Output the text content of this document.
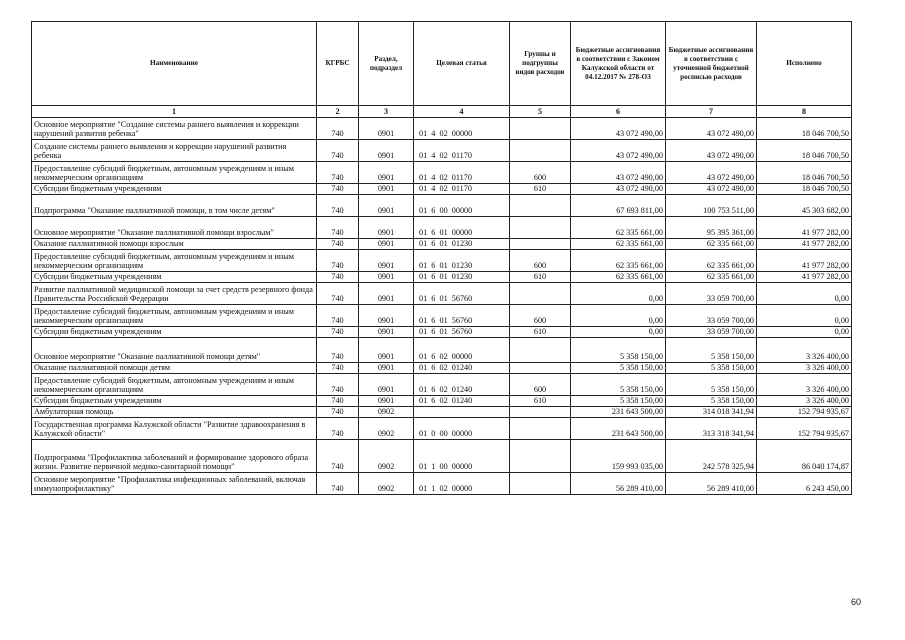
Наименование	КГРБС	Раздел, подраздел	Целевая статья	Группы и подгруппы видов расходов	Бюджетные ассигнования в соответствии с Законом Калужской области от 04.12.2017 № 278-ОЗ	Бюджетные ассигнования в соответствии с уточненной бюджетной росписью расходов	Исполнено
1	2	3	4	5	6	7	8
Основное мероприятие "Создание системы раннего выявления и коррекции нарушений развития ребенка"	740	0901	01  4  02  00000		43 072 490,00	43 072 490,00	18 046 700,50
Создание системы раннего выявления и коррекции нарушений развития ребенка	740	0901	01  4  02  01170		43 072 490,00	43 072 490,00	18 046 700,50
Предоставление субсидий бюджетным, автономным учреждениям и иным некоммерческим организациям	740	0901	01  4  02  01170	600	43 072 490,00	43 072 490,00	18 046 700,50
Субсидии бюджетным учреждениям	740	0901	01  4  02  01170	610	43 072 490,00	43 072 490,00	18 046 700,50
Подпрограмма "Оказание паллиативной помощи, в том числе детям"	740	0901	01  6  00  00000		67 693 811,00	100 753 511,00	45 303 682,00
Основное мероприятие "Оказание паллиативной помощи взрослым"	740	0901	01  6  01  00000		62 335 661,00	95 395 361,00	41 977 282,00
Оказание паллиативной помощи взрослым	740	0901	01  6  01  01230		62 335 661,00	62 335 661,00	41 977 282,00
Предоставление субсидий бюджетным, автономным учреждениям и иным некоммерческим организациям	740	0901	01  6  01  01230	600	62 335 661,00	62 335 661,00	41 977 282,00
Субсидии бюджетным учреждениям	740	0901	01  6  01  01230	610	62 335 661,00	62 335 661,00	41 977 282,00
Развитие паллиативной медицинской помощи за счет средств резервного фонда Правительства Российской Федерации	740	0901	01  6  01  56760		0,00	33 059 700,00	0,00
Предоставление субсидий бюджетным, автономным учреждениям и иным некоммерческим организациям	740	0901	01  6  01  56760	600	0,00	33 059 700,00	0,00
Субсидии бюджетным учреждениям	740	0901	01  6  01  56760	610	0,00	33 059 700,00	0,00
Основное мероприятие "Оказание паллиативной помощи детям"	740	0901	01  6  02  00000		5 358 150,00	5 358 150,00	3 326 400,00
Оказание паллиативной помощи детям	740	0901	01  6  02  01240		5 358 150,00	5 358 150,00	3 326 400,00
Предоставление субсидий бюджетным, автономным учреждениям и иным некоммерческим организациям	740	0901	01  6  02  01240	600	5 358 150,00	5 358 150,00	3 326 400,00
Субсидии бюджетным учреждениям	740	0901	01  6  02  01240	610	5 358 150,00	5 358 150,00	3 326 400,00
Амбулаторная помощь	740	0902			231 643 500,00	314 018 341,94	152 794 935,67
Государственная программа Калужской области "Развитие здравоохранения в Калужской области"	740	0902	01  0  00  00000		231 643 500,00	313 318 341,94	152 794 935,67
Подпрограмма "Профилактика заболеваний и формирование здорового образа жизни. Развитие первичной медико-санитарной помощи"	740	0902	01  1  00  00000		159 993 035,00	242 578 325,94	86 040 174,87
Основное мероприятие "Профилактика инфекционных заболеваний, включая иммунопрофилактику"	740	0902	01  1  02  00000		56 289 410,00	56 289 410,00	6 243 450,00
60
